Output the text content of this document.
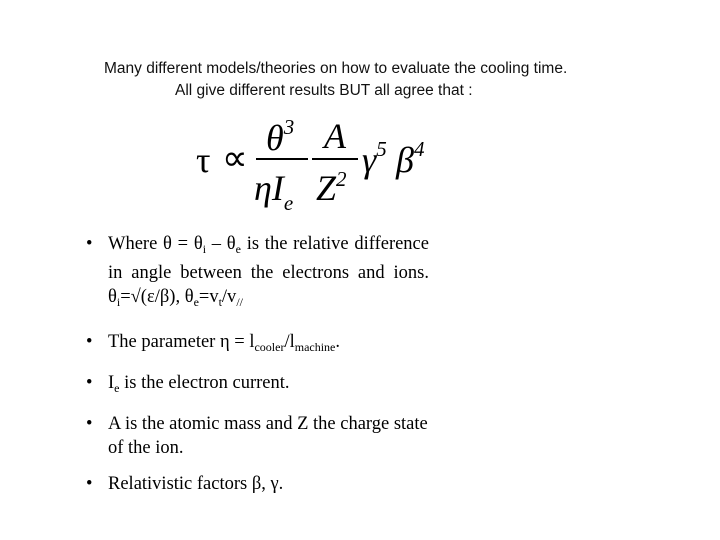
Many different models/theories on how to evaluate the cooling time.
All give different results BUT all agree that :
$\tau \propto \theta^3$
$\eta I_e$
A
$Z^2$ $\gamma^5$ $\beta^4$
• Where $\theta = \theta_i - \theta_e$ is the relative difference in angle between the electrons and ions. $\theta_i=√(\varepsilon/\beta)$, $\theta_e=v_t/v_{//}$
• The parameter $\eta = l_{cooler}/l_{machine}$.
• $I_e$ is the electron current.
• A is the atomic mass and Z the charge state of the ion.
• Relativistic factors β, γ.
